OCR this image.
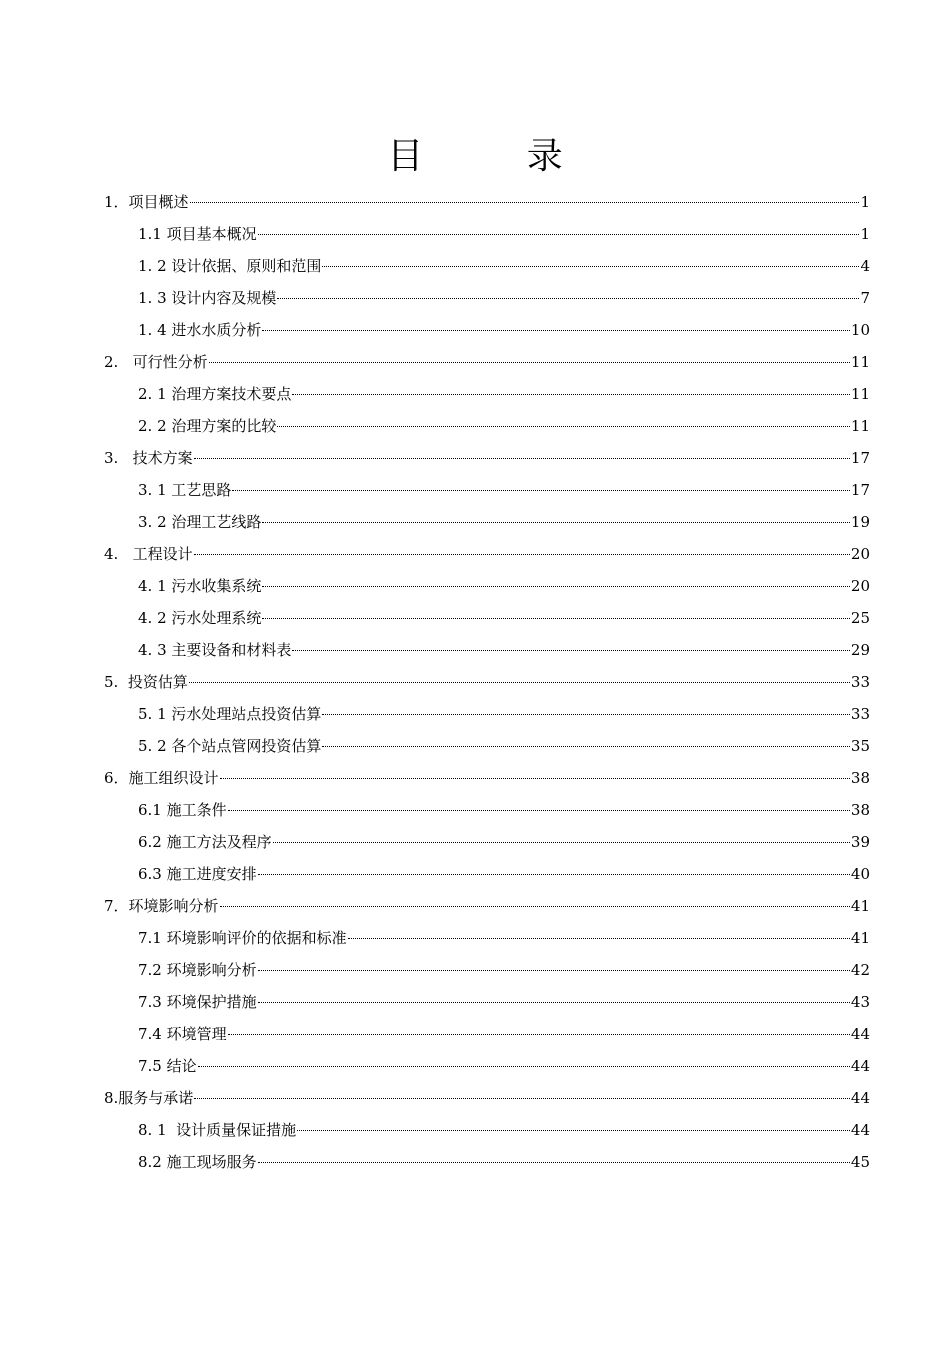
目 录
1．项目概述	1
1.1 项目基本概况	1
1. 2 设计依据、原则和范围	4
1. 3 设计内容及规模	7
1. 4 进水水质分析	10
2.   可行性分析	11
2. 1 治理方案技术要点	11
2. 2 治理方案的比较	11
3.   技术方案	17
3. 1 工艺思路	17
3. 2 治理工艺线路	19
4.   工程设计	20
4. 1 污水收集系统	20
4. 2 污水处理系统	25
4. 3 主要设备和材料表	29
5.  投资估算	33
5. 1 污水处理站点投资估算	33
5. 2 各个站点管网投资估算	35
6．施工组织设计	38
6.1 施工条件	38
6.2 施工方法及程序	39
6.3 施工进度安排	40
7．环境影响分析	41
7.1 环境影响评价的依据和标准	41
7.2 环境影响分析	42
7.3 环境保护措施	43
7.4 环境管理	44
7.5 结论	44
8.服务与承诺	44
8. 1  设计质量保证措施	44
8.2 施工现场服务	45
